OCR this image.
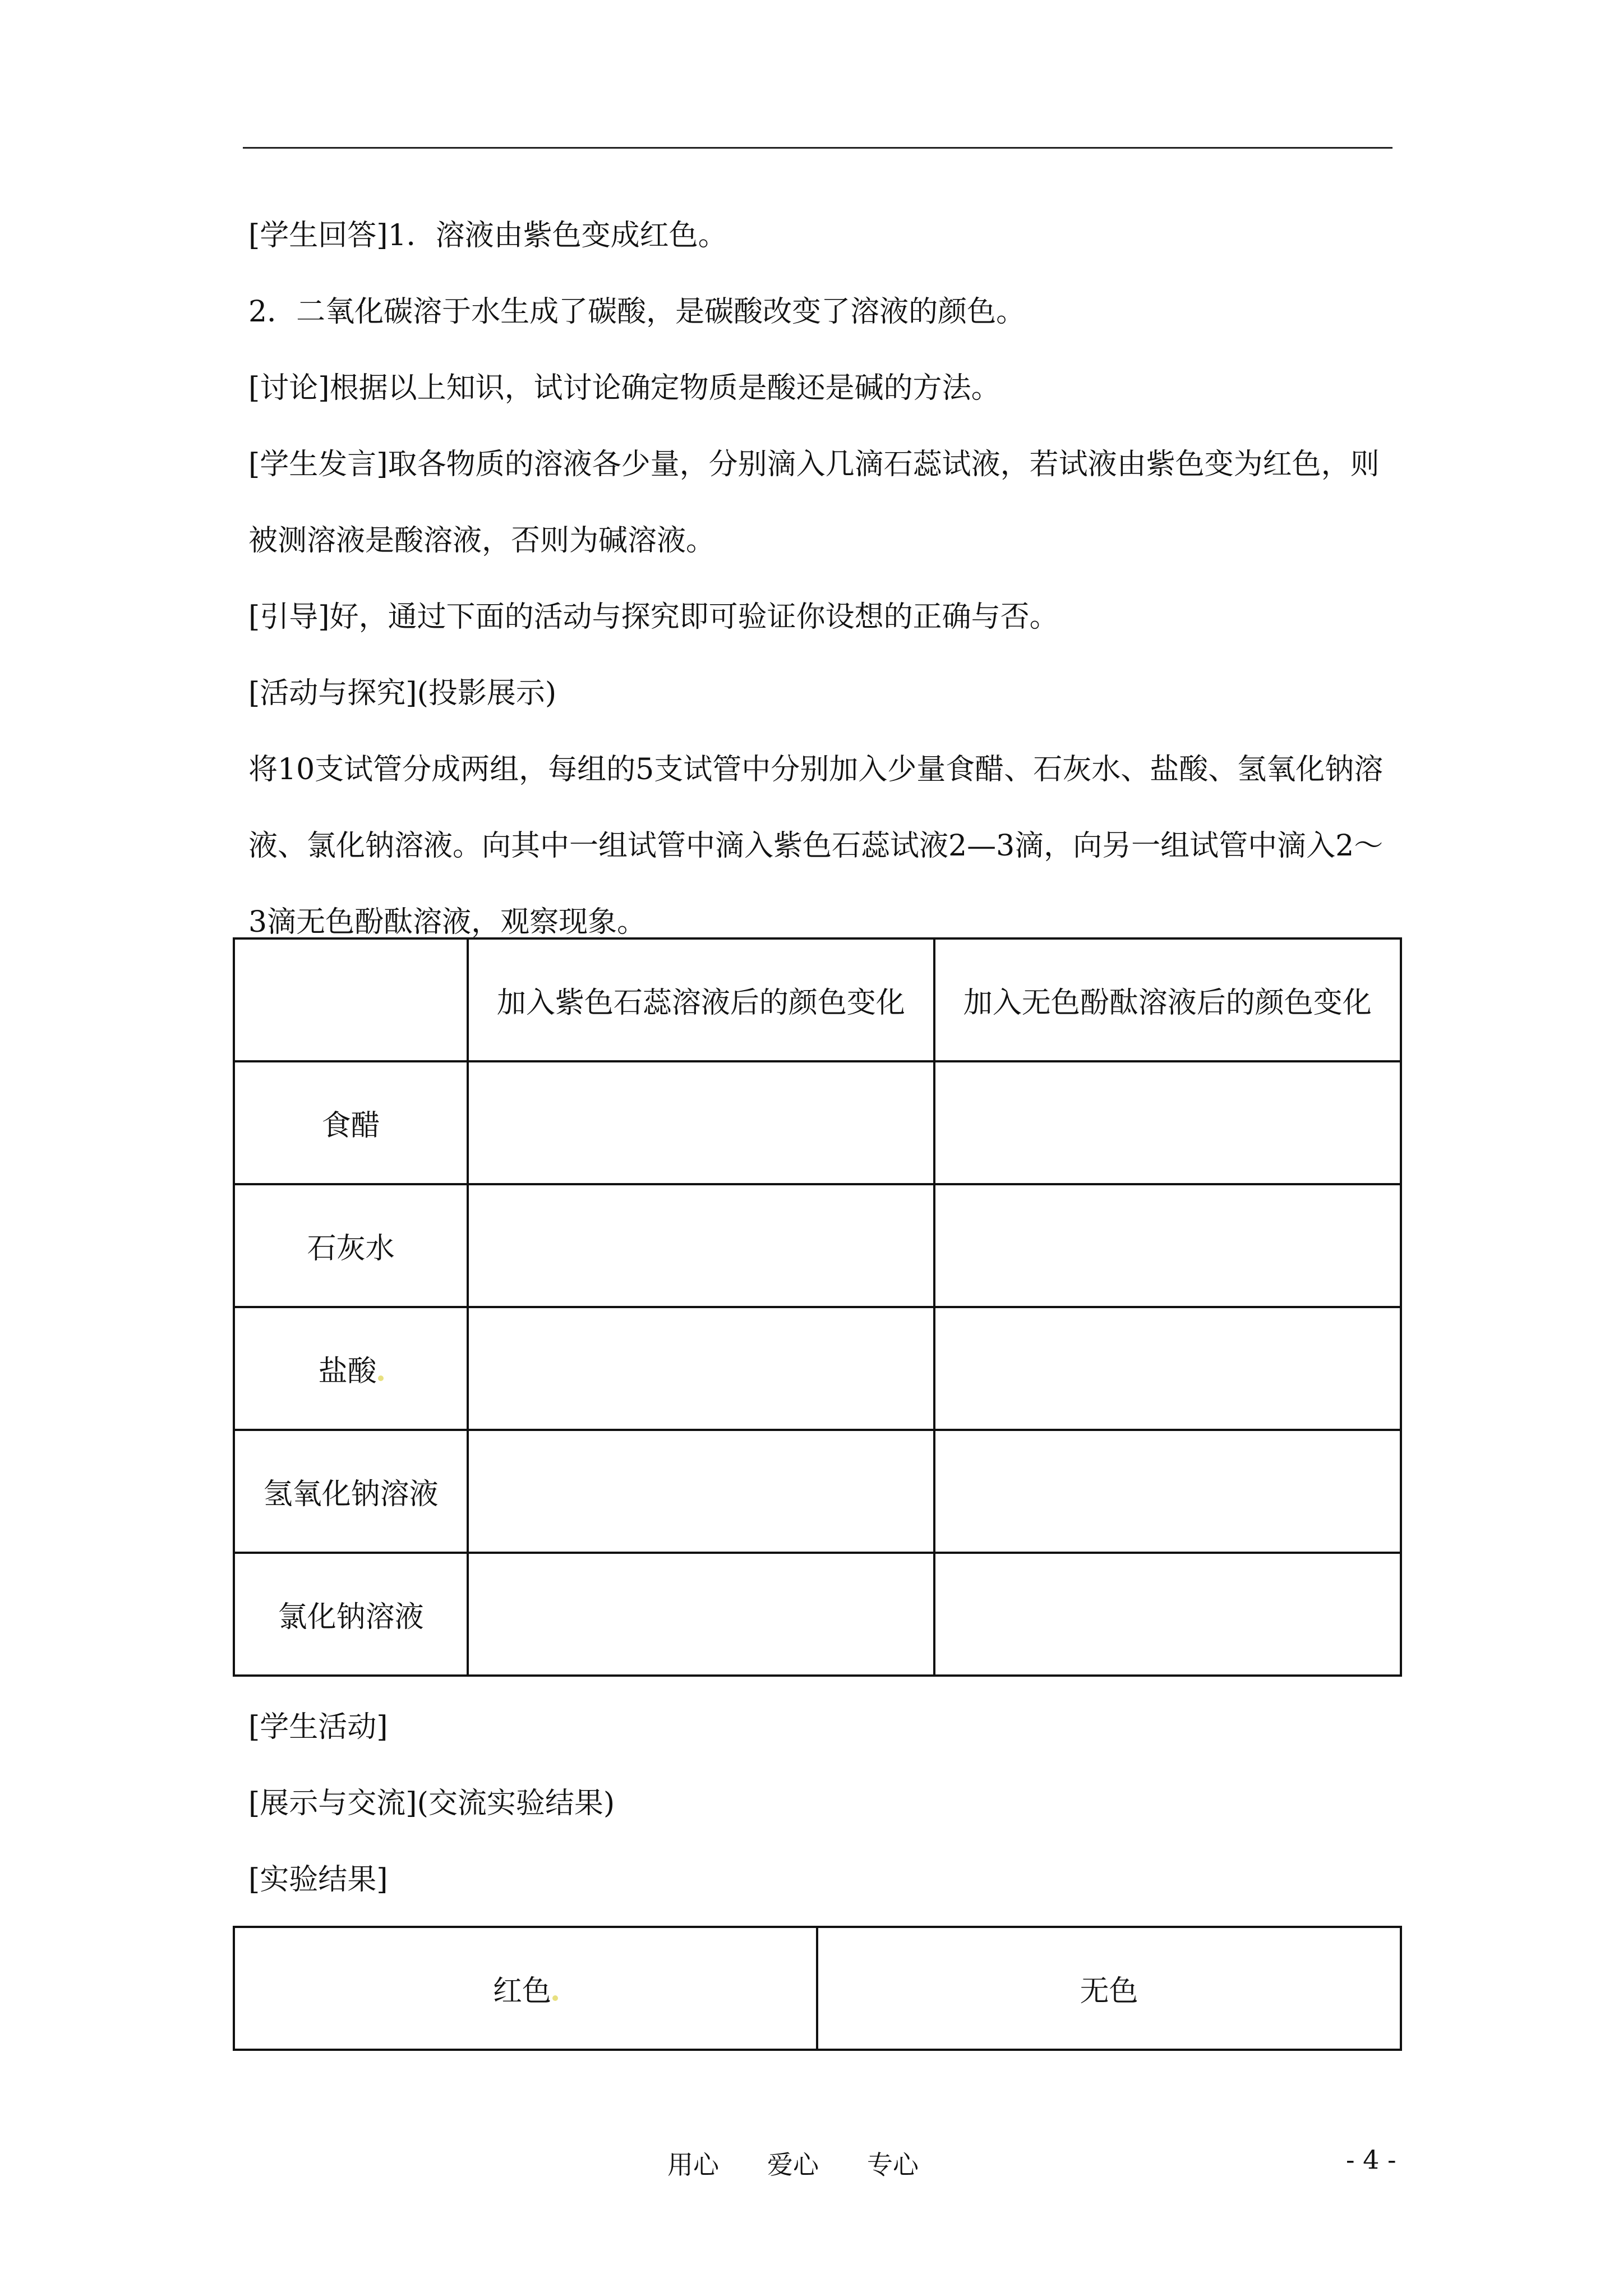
[学生回答]1．溶液由紫色变成红色。

2．二氧化碳溶于水生成了碳酸，是碳酸改变了溶液的颜色。

[讨论]根据以上知识，试讨论确定物质是酸还是碱的方法。

[学生发言]取各物质的溶液各少量，分别滴入几滴石蕊试液，若试液由紫色变为红色，则被测溶液是酸溶液，否则为碱溶液。

[引导]好，通过下面的活动与探究即可验证你设想的正确与否。

[活动与探究](投影展示)

将10支试管分成两组，每组的5支试管中分别加入少量食醋、石灰水、盐酸、氢氧化钠溶液、氯化钠溶液。向其中一组试管中滴入紫色石蕊试液2—3滴，向另一组试管中滴入2～3滴无色酚酞溶液，观察现象。

	加入紫色石蕊溶液后的颜色变化	加入无色酚酞溶液后的颜色变化
食醋		
石灰水		
盐酸		
氢氧化钠溶液		
氯化钠溶液		

[学生活动]

[展示与交流](交流实验结果)

[实验结果]

红色	无色
用心 爱心 专心	- 4 -
